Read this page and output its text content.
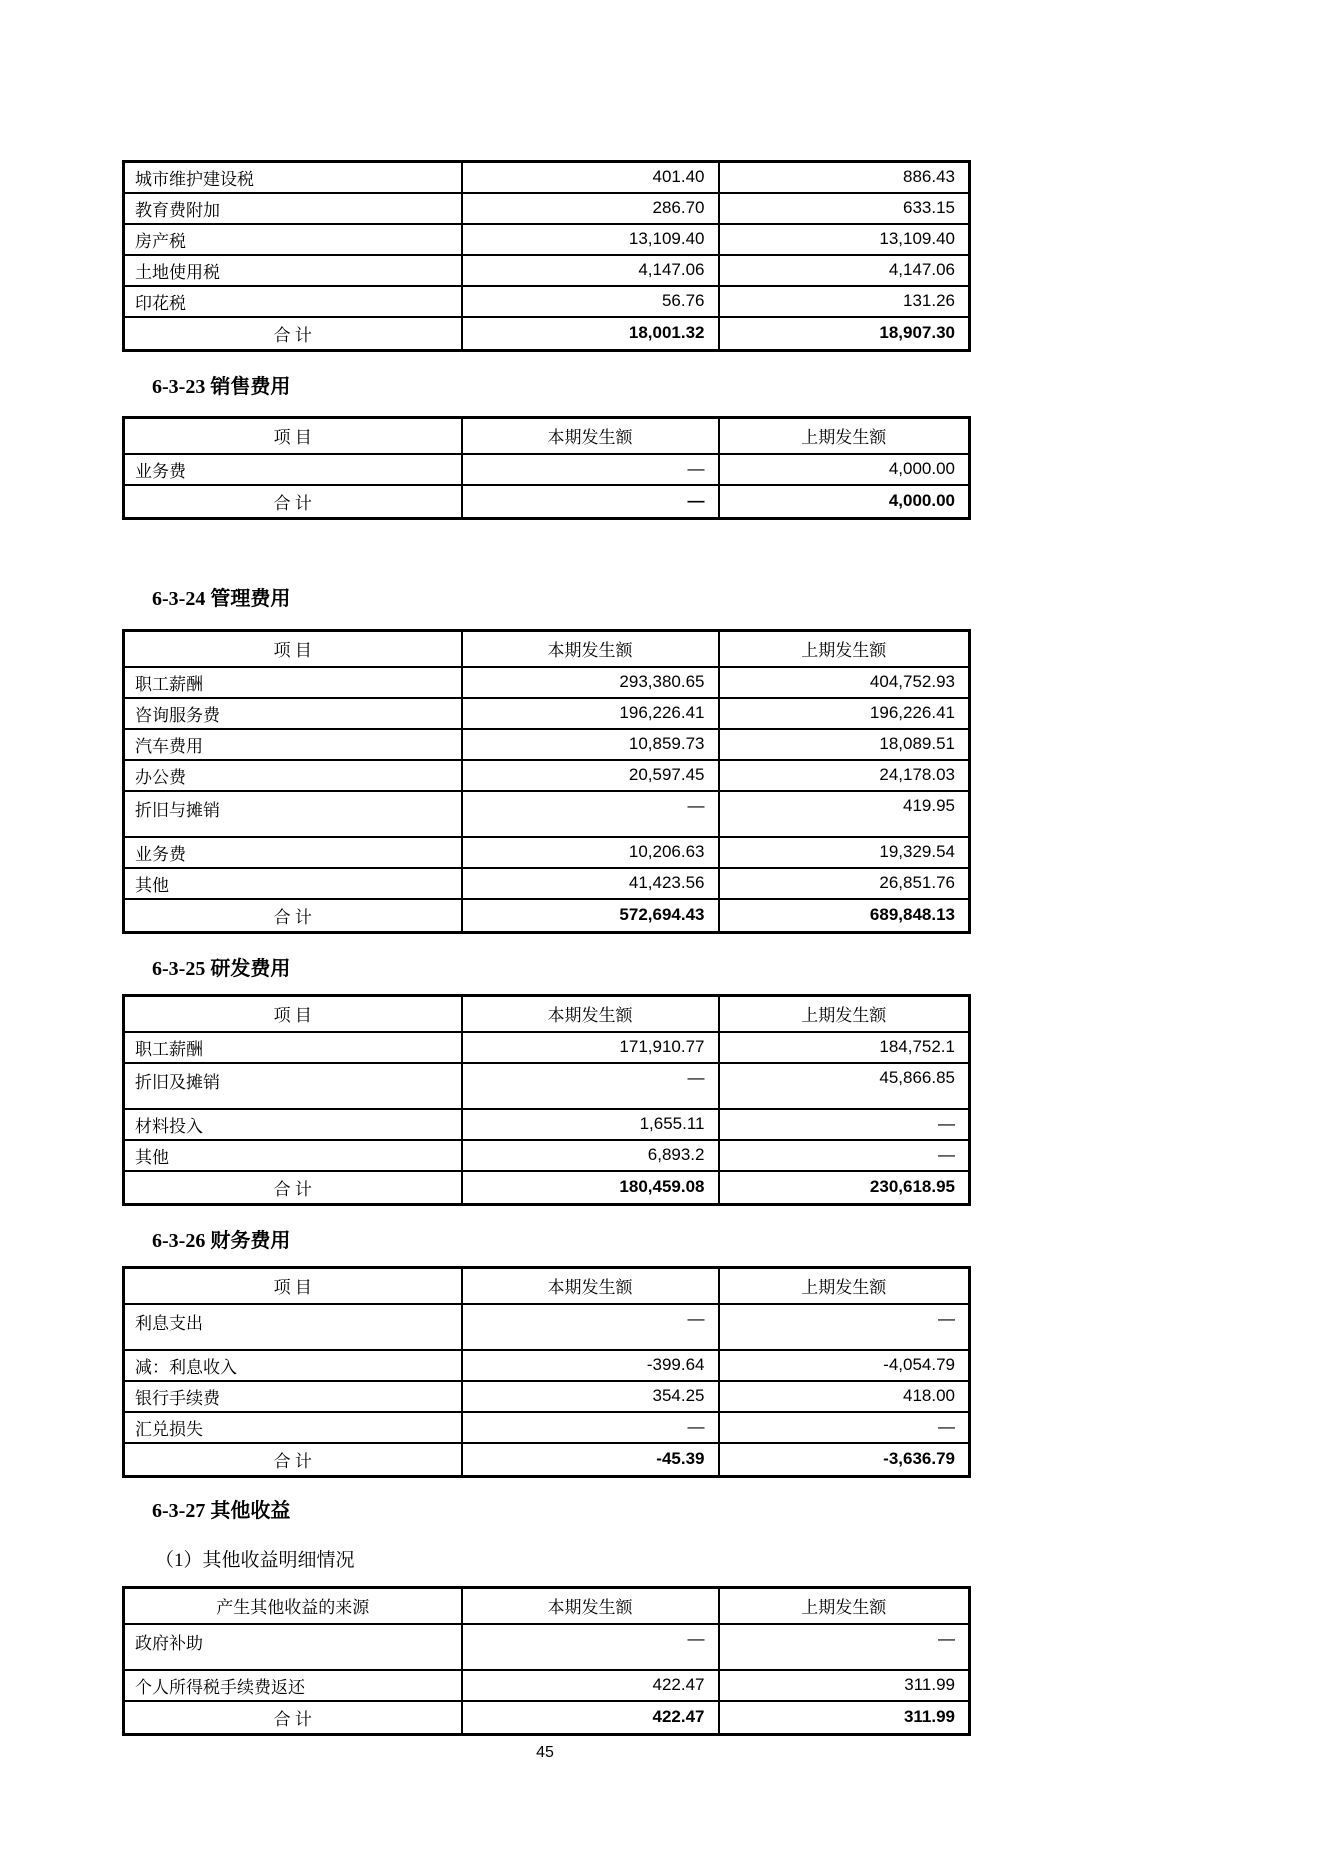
城市维护建设税	401.40	886.43
教育费附加	286.70	633.15
房产税	13,109.40	13,109.40
土地使用税	4,147.06	4,147.06
印花税	56.76	131.26
合 计	18,001.32	18,907.30
6-3-23 销售费用
项 目	本期发生额	上期发生额
业务费	—	4,000.00
合 计	—	4,000.00
6-3-24 管理费用
项 目	本期发生额	上期发生额
职工薪酬	293,380.65	404,752.93
咨询服务费	196,226.41	196,226.41
汽车费用	10,859.73	18,089.51
办公费	20,597.45	24,178.03
折旧与摊销	—	419.95
业务费	10,206.63	19,329.54
其他	41,423.56	26,851.76
合 计	572,694.43	689,848.13
6-3-25 研发费用
项 目	本期发生额	上期发生额
职工薪酬	171,910.77	184,752.1
折旧及摊销	—	45,866.85
材料投入	1,655.11	—
其他	6,893.2	—
合 计	180,459.08	230,618.95
6-3-26 财务费用
项 目	本期发生额	上期发生额
利息支出	—	—
减：利息收入	-399.64	-4,054.79
银行手续费	354.25	418.00
汇兑损失	—	—
合 计	-45.39	-3,636.79
6-3-27 其他收益

（1）其他收益明细情况

产生其他收益的来源	本期发生额	上期发生额
政府补助	—	—
个人所得税手续费返还	422.47	311.99
合 计	422.47	311.99
45
